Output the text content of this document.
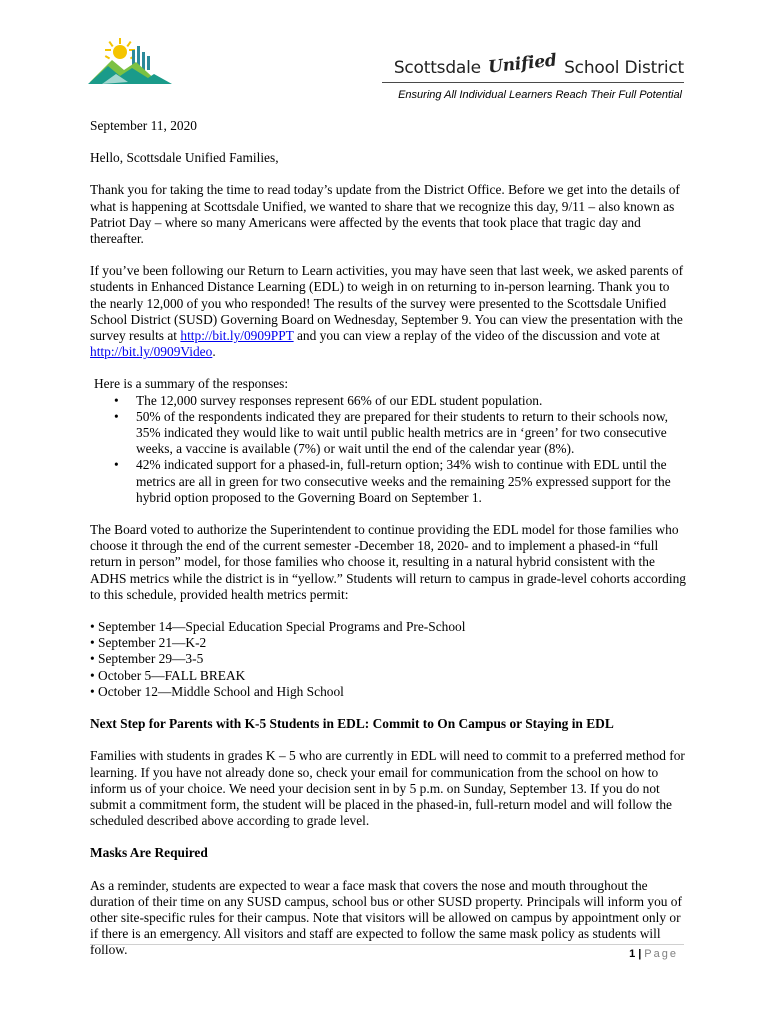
Scottsdale Unified School District
Ensuring All Individual Learners Reach Their Full Potential

September 11, 2020

Hello, Scottsdale Unified Families,

Thank you for taking the time to read today’s update from the District Office. Before we get into the details of what is happening at Scottsdale Unified, we wanted to share that we recognize this day, 9/11 – also known as Patriot Day – where so many Americans were affected by the events that took place that tragic day and thereafter.

If you’ve been following our Return to Learn activities, you may have seen that last week, we asked parents of students in Enhanced Distance Learning (EDL) to weigh in on returning to in-person learning. Thank you to the nearly 12,000 of you who responded! The results of the survey were presented to the Scottsdale Unified School District (SUSD) Governing Board on Wednesday, September 9. You can view the presentation with the survey results at http://bit.ly/0909PPT and you can view a replay of the video of the discussion and vote at http://bit.ly/0909Video.

Here is a summary of the responses:

• The 12,000 survey responses represent 66% of our EDL student population.
• 50% of the respondents indicated they are prepared for their students to return to their schools now, 35% indicated they would like to wait until public health metrics are in ‘green’ for two consecutive weeks, a vaccine is available (7%) or wait until the end of the calendar year (8%).
• 42% indicated support for a phased-in, full-return option; 34% wish to continue with EDL until the metrics are all in green for two consecutive weeks and the remaining 25% expressed support for the hybrid option proposed to the Governing Board on September 1.

The Board voted to authorize the Superintendent to continue providing the EDL model for those families who choose it through the end of the current semester -December 18, 2020- and to implement a phased-in “full return in person” model, for those families who choose it, resulting in a natural hybrid consistent with the ADHS metrics while the district is in “yellow.” Students will return to campus in grade-level cohorts according to this schedule, provided health metrics permit:

• September 14—Special Education Special Programs and Pre-School
• September 21—K-2
• September 29—3-5
• October 5—FALL BREAK
• October 12—Middle School and High School

Next Step for Parents with K-5 Students in EDL: Commit to On Campus or Staying in EDL

Families with students in grades K – 5 who are currently in EDL will need to commit to a preferred method for learning. If you have not already done so, check your email for communication from the school on how to inform us of your choice. We need your decision sent in by 5 p.m. on Sunday, September 13. If you do not submit a commitment form, the student will be placed in the phased-in, full-return model and will follow the scheduled described above according to grade level.

Masks Are Required

As a reminder, students are expected to wear a face mask that covers the nose and mouth throughout the duration of their time on any SUSD campus, school bus or other SUSD property. Principals will inform you of other site-specific rules for their campus. Note that visitors will be allowed on campus by appointment only or if there is an emergency. All visitors and staff are expected to follow the same mask policy as students will follow.	1 | Page
